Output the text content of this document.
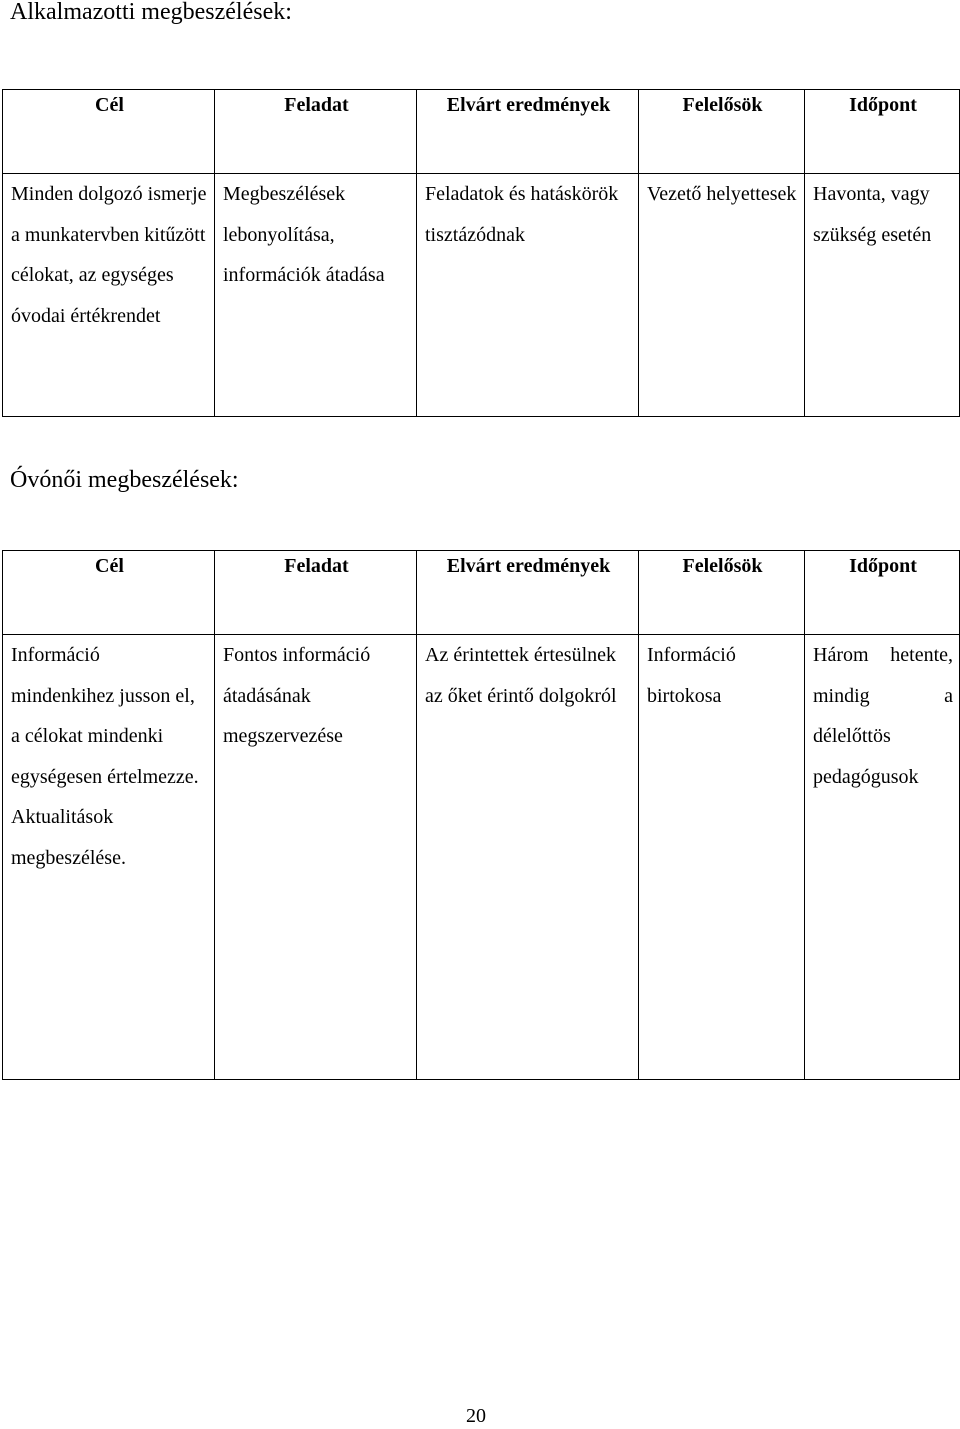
Alkalmazotti megbeszélések:
Cél	Feladat	Elvárt eredmények	Felelősök	Időpont

Minden dolgozó ismerje a munkatervben kitűzött célokat, az egységes óvodai értékrendet	Megbeszélések lebonyolítása, információk átadása	Feladatok és hatáskörök tisztázódnak	Vezető helyettesek	Havonta, vagy szükség esetén
Óvónői megbeszélések:
Cél	Feladat	Elvárt eredmények	Felelősök	Időpont

Információ mindenkihez jusson el, a célokat mindenki egységesen értelmezze. Aktualitások megbeszélése.	Fontos információ átadásának megszervezése	Az érintettek értesülnek az őket érintő dolgokról	Információ birtokosa	Három hetente, mindig a délelőttös pedagógusok
20
